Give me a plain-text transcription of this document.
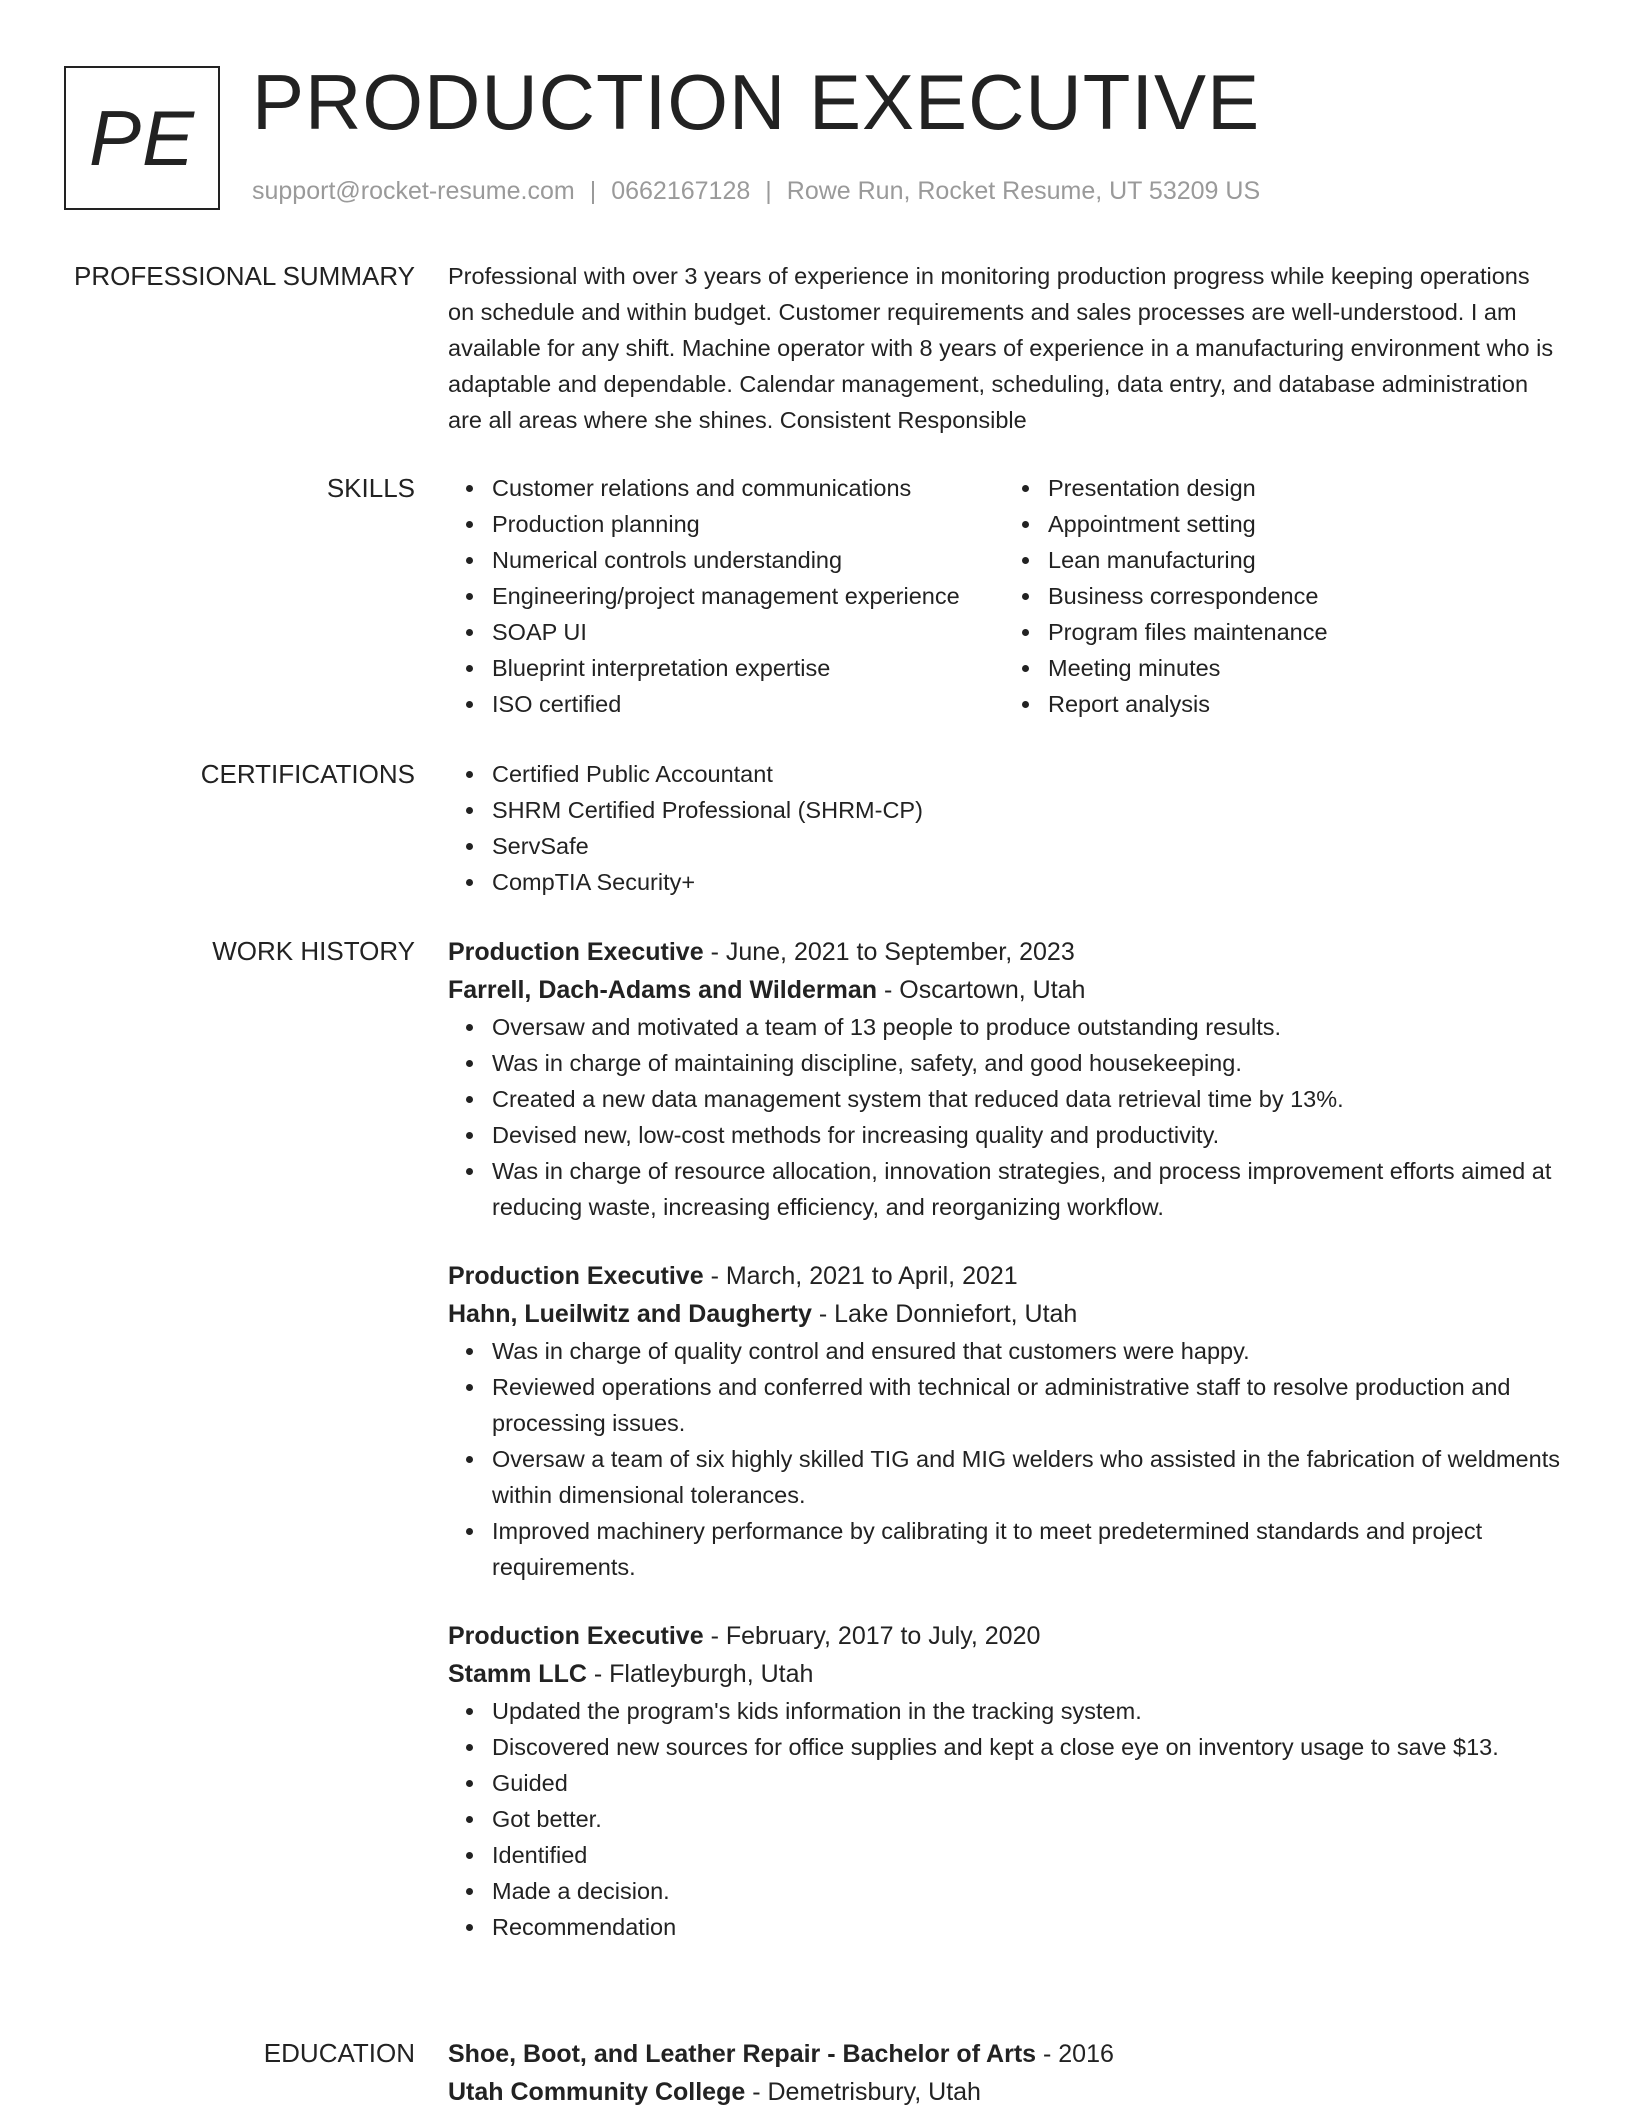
PE PRODUCTION EXECUTIVE
support@rocket-resume.com | 0662167128 | Rowe Run, Rocket Resume, UT 53209 US
PROFESSIONAL SUMMARY Professional with over 3 years of experience in monitoring production progress while keeping operations on schedule and within budget. Customer requirements and sales processes are well-understood. I am available for any shift. Machine operator with 8 years of experience in a manufacturing environment who is adaptable and dependable. Calendar management, scheduling, data entry, and database administration are all areas where she shines. Consistent Responsible

SKILLS	Customer relations and communications
Production planning
Numerical controls understanding
Engineering/project management experience
SOAP UI
Blueprint interpretation expertise
ISO certified
Presentation design
Appointment setting
Lean manufacturing
Business correspondence
Program files maintenance
Meeting minutes
Report analysis
CERTIFICATIONS	Certified Public Accountant
SHRM Certified Professional (SHRM-CP)
ServSafe
CompTIA Security+
WORK HISTORY Production Executive - June, 2021 to September, 2023
Farrell, Dach-Adams and Wilderman - Oscartown, Utah
Oversaw and motivated a team of 13 people to produce outstanding results.
Was in charge of maintaining discipline, safety, and good housekeeping.
Created a new data management system that reduced data retrieval time by 13%.
Devised new, low-cost methods for increasing quality and productivity.
Was in charge of resource allocation, innovation strategies, and process improvement efforts aimed at reducing waste, increasing efficiency, and reorganizing workflow.
Production Executive - March, 2021 to April, 2021
Hahn, Lueilwitz and Daugherty - Lake Donniefort, Utah
Was in charge of quality control and ensured that customers were happy.
Reviewed operations and conferred with technical or administrative staff to resolve production and processing issues.
Oversaw a team of six highly skilled TIG and MIG welders who assisted in the fabrication of weldments within dimensional tolerances.
Improved machinery performance by calibrating it to meet predetermined standards and project requirements.
Production Executive - February, 2017 to July, 2020
Stamm LLC - Flatleyburgh, Utah
Updated the program's kids information in the tracking system.
Discovered new sources for office supplies and kept a close eye on inventory usage to save $13.
Guided
Got better.
Identified
Made a decision.
Recommendation
EDUCATION Shoe, Boot, and Leather Repair - Bachelor of Arts - 2016
Utah Community College - Demetrisbury, Utah
